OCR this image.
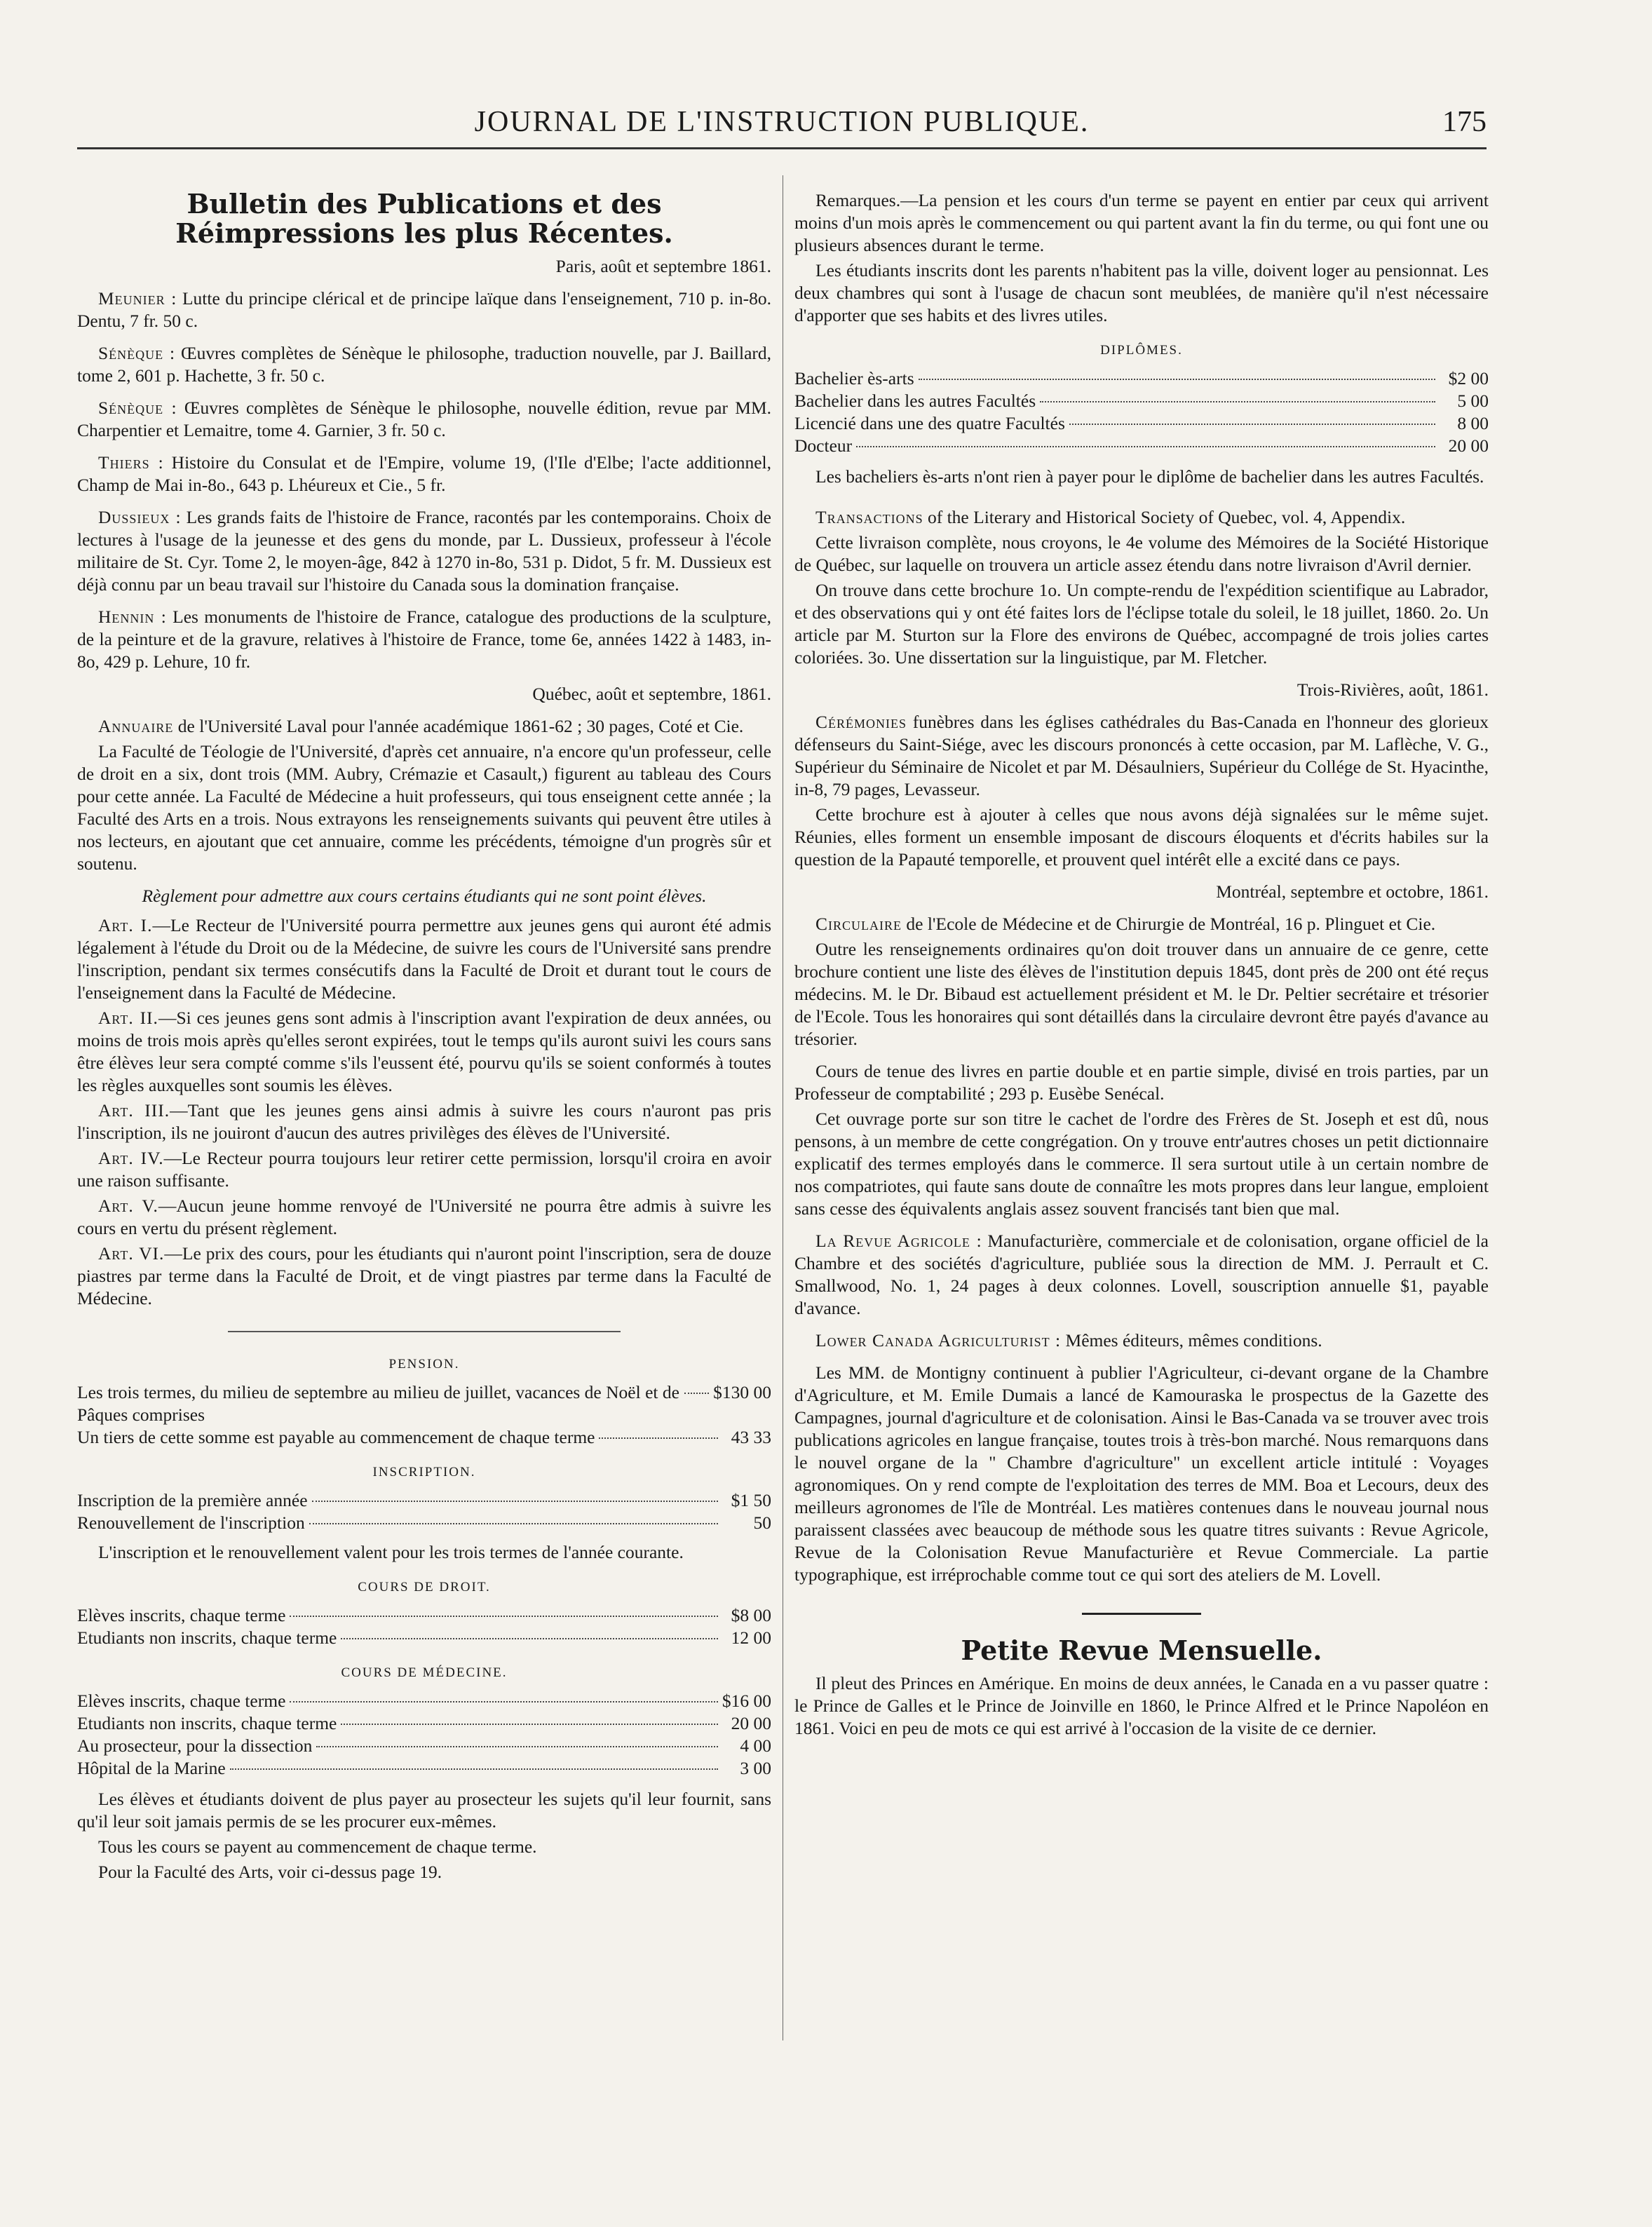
JOURNAL DE L'INSTRUCTION PUBLIQUE.	175
Bulletin des Publications et des Réimpressions les plus Récentes.
Paris, août et septembre 1861.

Meunier : Lutte du principe clérical et de principe laïque dans l'enseignement, 710 p. in-8o. Dentu, 7 fr. 50 c.

Sénèque : Œuvres complètes de Sénèque le philosophe, traduction nouvelle, par J. Baillard, tome 2, 601 p. Hachette, 3 fr. 50 c.

Sénèque : Œuvres complètes de Sénèque le philosophe, nouvelle édition, revue par MM. Charpentier et Lemaitre, tome 4. Garnier, 3 fr. 50 c.

Thiers : Histoire du Consulat et de l'Empire, volume 19, (l'Ile d'Elbe; l'acte additionnel, Champ de Mai in-8o., 643 p. Lhéureux et Cie., 5 fr.

Dussieux : Les grands faits de l'histoire de France, racontés par les contemporains. Choix de lectures à l'usage de la jeunesse et des gens du monde, par L. Dussieux, professeur à l'école militaire de St. Cyr. Tome 2, le moyen-âge, 842 à 1270 in-8o, 531 p. Didot, 5 fr. M. Dussieux est déjà connu par un beau travail sur l'histoire du Canada sous la domination française.

Hennin : Les monuments de l'histoire de France, catalogue des productions de la sculpture, de la peinture et de la gravure, relatives à l'histoire de France, tome 6e, années 1422 à 1483, in-8o, 429 p. Lehure, 10 fr.

Québec, août et septembre, 1861.

Annuaire de l'Université Laval pour l'année académique 1861-62 ; 30 pages, Coté et Cie.

La Faculté de Téologie de l'Université, d'après cet annuaire, n'a encore qu'un professeur, celle de droit en a six, dont trois (MM. Aubry, Crémazie et Casault,) figurent au tableau des Cours pour cette année. La Faculté de Médecine a huit professeurs, qui tous enseignent cette année ; la Faculté des Arts en a trois. Nous extrayons les renseignements suivants qui peuvent être utiles à nos lecteurs, en ajoutant que cet annuaire, comme les précédents, témoigne d'un progrès sûr et soutenu.

Règlement pour admettre aux cours certains étudiants qui ne sont point élèves.

Art. I.—Le Recteur de l'Université pourra permettre aux jeunes gens qui auront été admis légalement à l'étude du Droit ou de la Médecine, de suivre les cours de l'Université sans prendre l'inscription, pendant six termes consécutifs dans la Faculté de Droit et durant tout le cours de l'enseignement dans la Faculté de Médecine.

Art. II.—Si ces jeunes gens sont admis à l'inscription avant l'expiration de deux années, ou moins de trois mois après qu'elles seront expirées, tout le temps qu'ils auront suivi les cours sans être élèves leur sera compté comme s'ils l'eussent été, pourvu qu'ils se soient conformés à toutes les règles auxquelles sont soumis les élèves.

Art. III.—Tant que les jeunes gens ainsi admis à suivre les cours n'auront pas pris l'inscription, ils ne jouiront d'aucun des autres privilèges des élèves de l'Université.

Art. IV.—Le Recteur pourra toujours leur retirer cette permission, lorsqu'il croira en avoir une raison suffisante.

Art. V.—Aucun jeune homme renvoyé de l'Université ne pourra être admis à suivre les cours en vertu du présent règlement.

Art. VI.—Le prix des cours, pour les étudiants qui n'auront point l'inscription, sera de douze piastres par terme dans la Faculté de Droit, et de vingt piastres par terme dans la Faculté de Médecine.

PENSION.
Les trois termes, du milieu de septembre au milieu de juillet, vacances de Noël et de Pâques comprises
$130 00
Un tiers de cette somme est payable au commencement de chaque terme	43 33
INSCRIPTION.
Inscription de la première année	$1 50
Renouvellement de l'inscription	50

L'inscription et le renouvellement valent pour les trois termes de l'année courante.

COURS DE DROIT.
Elèves inscrits, chaque terme	$8 00
Etudiants non inscrits, chaque terme	12 00
COURS DE MÉDECINE.
Elèves inscrits, chaque terme	$16 00
Etudiants non inscrits, chaque terme	20 00
Au prosecteur, pour la dissection	4 00
Hôpital de la Marine	3 00

Les élèves et étudiants doivent de plus payer au prosecteur les sujets qu'il leur fournit, sans qu'il leur soit jamais permis de se les procurer eux-mêmes.

Tous les cours se payent au commencement de chaque terme.

Pour la Faculté des Arts, voir ci-dessus page 19.

Remarques.—La pension et les cours d'un terme se payent en entier par ceux qui arrivent moins d'un mois après le commencement ou qui partent avant la fin du terme, ou qui font une ou plusieurs absences durant le terme.

Les étudiants inscrits dont les parents n'habitent pas la ville, doivent loger au pensionnat. Les deux chambres qui sont à l'usage de chacun sont meublées, de manière qu'il n'est nécessaire d'apporter que ses habits et des livres utiles.

DIPLÔMES.
Bachelier ès-arts	$2 00
Bachelier dans les autres Facultés	5 00
Licencié dans une des quatre Facultés	8 00
Docteur	20 00

Les bacheliers ès-arts n'ont rien à payer pour le diplôme de bachelier dans les autres Facultés.

Transactions of the Literary and Historical Society of Quebec, vol. 4, Appendix.

Cette livraison complète, nous croyons, le 4e volume des Mémoires de la Société Historique de Québec, sur laquelle on trouvera un article assez étendu dans notre livraison d'Avril dernier.

On trouve dans cette brochure 1o. Un compte-rendu de l'expédition scientifique au Labrador, et des observations qui y ont été faites lors de l'éclipse totale du soleil, le 18 juillet, 1860. 2o. Un article par M. Sturton sur la Flore des environs de Québec, accompagné de trois jolies cartes coloriées. 3o. Une dissertation sur la linguistique, par M. Fletcher.

Trois-Rivières, août, 1861.

Cérémonies funèbres dans les églises cathédrales du Bas-Canada en l'honneur des glorieux défenseurs du Saint-Siége, avec les discours prononcés à cette occasion, par M. Laflèche, V. G., Supérieur du Séminaire de Nicolet et par M. Désaulniers, Supérieur du Collége de St. Hyacinthe, in-8, 79 pages, Levasseur.

Cette brochure est à ajouter à celles que nous avons déjà signalées sur le même sujet. Réunies, elles forment un ensemble imposant de discours éloquents et d'écrits habiles sur la question de la Papauté temporelle, et prouvent quel intérêt elle a excité dans ce pays.

Montréal, septembre et octobre, 1861.

Circulaire de l'Ecole de Médecine et de Chirurgie de Montréal, 16 p. Plinguet et Cie.

Outre les renseignements ordinaires qu'on doit trouver dans un annuaire de ce genre, cette brochure contient une liste des élèves de l'institution depuis 1845, dont près de 200 ont été reçus médecins. M. le Dr. Bibaud est actuellement président et M. le Dr. Peltier secrétaire et trésorier de l'Ecole. Tous les honoraires qui sont détaillés dans la circulaire devront être payés d'avance au trésorier.

Cours de tenue des livres en partie double et en partie simple, divisé en trois parties, par un Professeur de comptabilité ; 293 p. Eusèbe Senécal.

Cet ouvrage porte sur son titre le cachet de l'ordre des Frères de St. Joseph et est dû, nous pensons, à un membre de cette congrégation. On y trouve entr'autres choses un petit dictionnaire explicatif des termes employés dans le commerce. Il sera surtout utile à un certain nombre de nos compatriotes, qui faute sans doute de connaître les mots propres dans leur langue, emploient sans cesse des équivalents anglais assez souvent francisés tant bien que mal.

La Revue Agricole : Manufacturière, commerciale et de colonisation, organe officiel de la Chambre et des sociétés d'agriculture, publiée sous la direction de MM. J. Perrault et C. Smallwood, No. 1, 24 pages à deux colonnes. Lovell, souscription annuelle $1, payable d'avance.

Lower Canada Agriculturist : Mêmes éditeurs, mêmes conditions.

Les MM. de Montigny continuent à publier l'Agriculteur, ci-devant organe de la Chambre d'Agriculture, et M. Emile Dumais a lancé de Kamouraska le prospectus de la Gazette des Campagnes, journal d'agriculture et de colonisation. Ainsi le Bas-Canada va se trouver avec trois publications agricoles en langue française, toutes trois à très-bon marché. Nous remarquons dans le nouvel organe de la " Chambre d'agriculture" un excellent article intitulé : Voyages agronomiques. On y rend compte de l'exploitation des terres de MM. Boa et Lecours, deux des meilleurs agronomes de l'île de Montréal. Les matières contenues dans le nouveau journal nous paraissent classées avec beaucoup de méthode sous les quatre titres suivants : Revue Agricole, Revue de la Colonisation Revue Manufacturière et Revue Commerciale. La partie typographique, est irréprochable comme tout ce qui sort des ateliers de M. Lovell.

Petite Revue Mensuelle.

Il pleut des Princes en Amérique. En moins de deux années, le Canada en a vu passer quatre : le Prince de Galles et le Prince de Joinville en 1860, le Prince Alfred et le Prince Napoléon en 1861. Voici en peu de mots ce qui est arrivé à l'occasion de la visite de ce dernier.
